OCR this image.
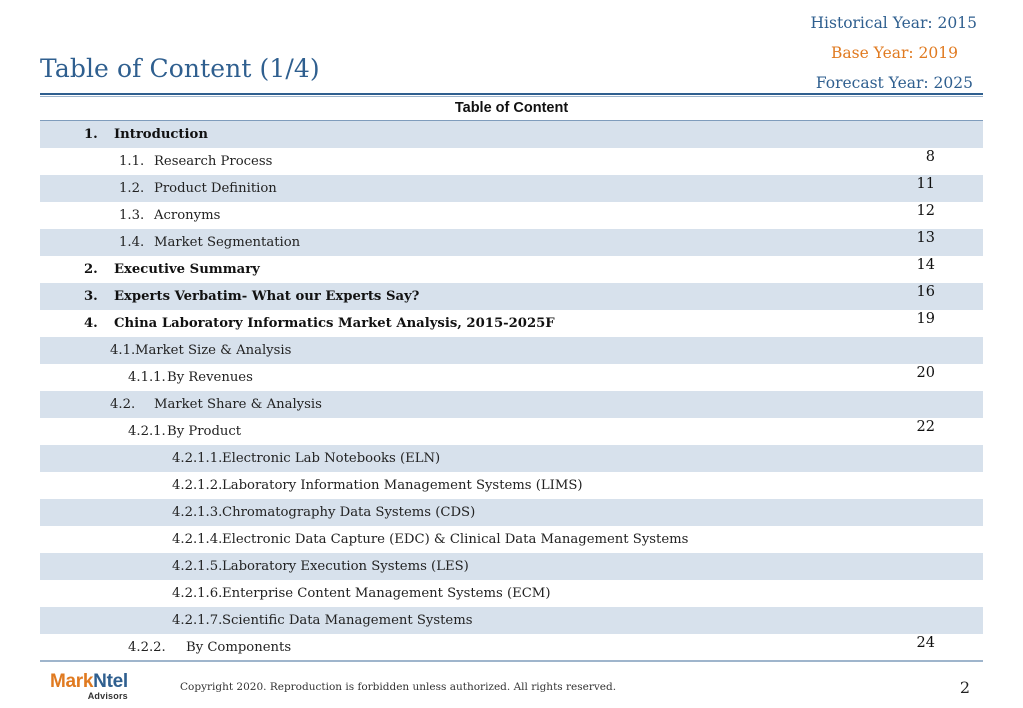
Historical Year: 2015
Base Year: 2019
Forecast Year: 2025
Table of Content (1/4)
Table of Content
1. Introduction
1.1. Research Process	8
1.2. Product Definition	11
1.3. Acronyms	12
1.4. Market Segmentation	13
2. Executive Summary	14
3. Experts Verbatim- What our Experts Say?	16
4. China Laboratory Informatics Market Analysis, 2015-2025F	19
4.1. Market Size & Analysis
4.1.1. By Revenues	20
4.2. Market Share & Analysis
4.2.1. By Product	22
4.2.1.1. Electronic Lab Notebooks (ELN)
4.2.1.2. Laboratory Information Management Systems (LIMS)
4.2.1.3. Chromatography Data Systems (CDS)
4.2.1.4. Electronic Data Capture (EDC) & Clinical Data Management Systems
4.2.1.5. Laboratory Execution Systems (LES)
4.2.1.6. Enterprise Content Management Systems (ECM)
4.2.1.7. Scientific Data Management Systems
4.2.2. By Components	24
MarkNtel
Advisors
Copyright 2020. Reproduction is forbidden unless authorized. All rights reserved.	2
